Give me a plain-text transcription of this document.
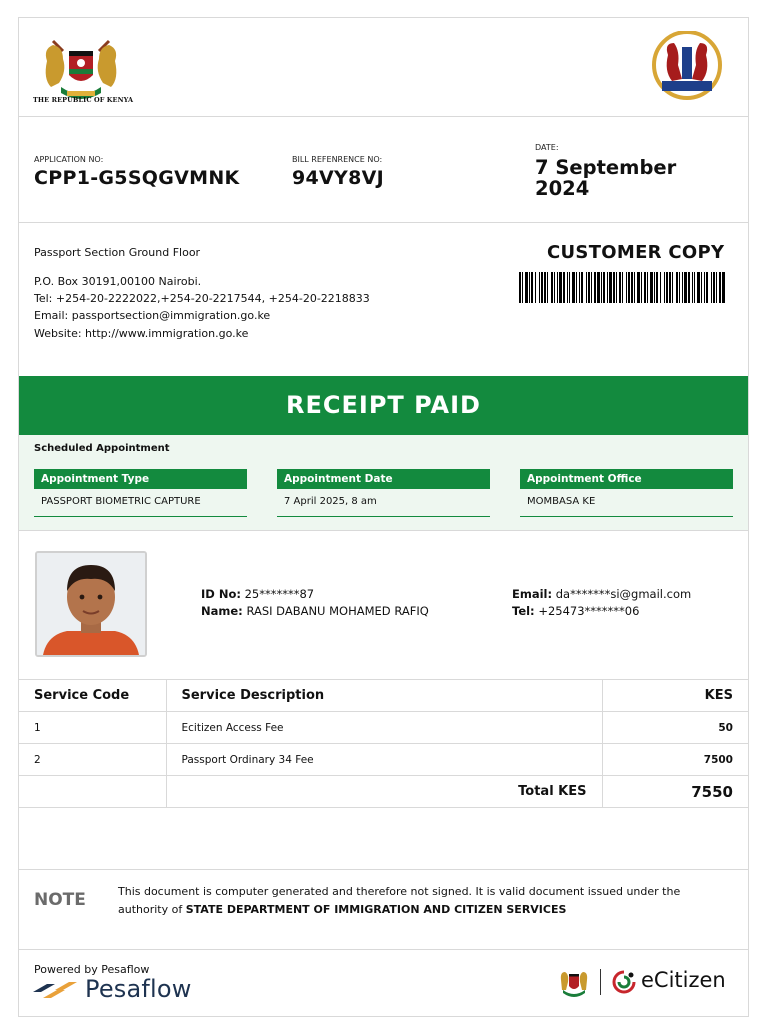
THE REPUBLIC OF KENYA
APPLICATION NO:
CPP1-G5SQGVMNK
BILL REFENRENCE NO:
94VY8VJ
DATE:
7 September
2024
Passport Section Ground Floor
P.O. Box 30191,00100 Nairobi.
Tel: +254-20-2222022,+254-20-2217544, +254-20-2218833
Email: passportsection@immigration.go.ke
Website: http://www.immigration.go.ke
CUSTOMER COPY
RECEIPT PAID
Scheduled Appointment
Appointment Type
PASSPORT BIOMETRIC CAPTURE
Appointment Date
7 April 2025, 8 am
Appointment Office
MOMBASA KE
ID No: 25*******87
Name: RASI DABANU MOHAMED RAFIQ
Email: da*******si@gmail.com
Tel: +25473*******06
Service Code	Service Description	KES
1	Ecitizen Access Fee	50
2	Passport Ordinary 34 Fee	7500
	Total KES	7550
NOTE	This document is computer generated and therefore not signed. It is valid document issued under the authority of STATE DEPARTMENT OF IMMIGRATION AND CITIZEN SERVICES
Powered by Pesaflow
Pesaflow	eCitizen
